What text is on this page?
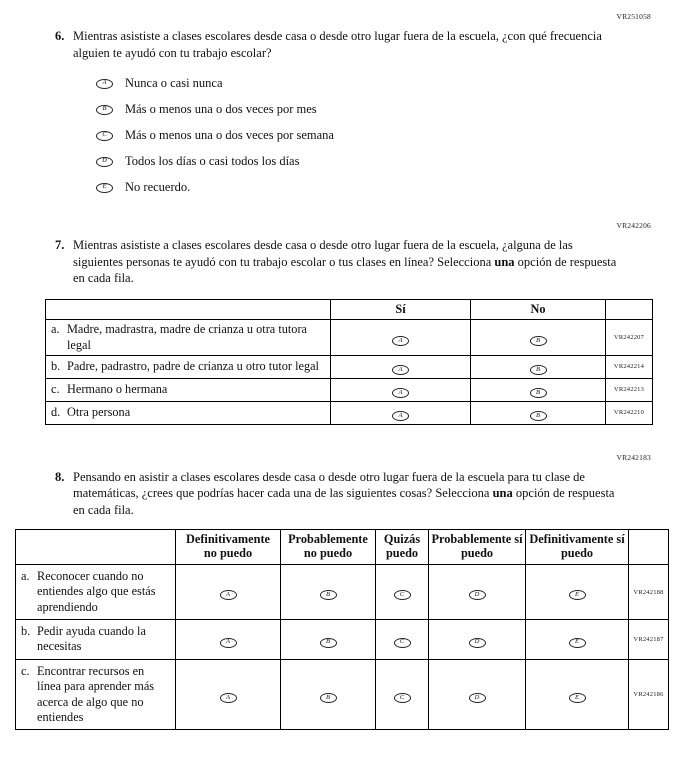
VR251058
6. Mientras asististe a clases escolares desde casa o desde otro lugar fuera de la escuela, ¿con qué frecuencia alguien te ayudó con tu trabajo escolar?
A	Nunca o casi nunca
B	Más o menos una o dos veces por mes
C	Más o menos una o dos veces por semana
D	Todos los días o casi todos los días
E	No recuerdo.
VR242206
7. Mientras asististe a clases escolares desde casa o desde otro lugar fuera de la escuela, ¿alguna de las siguientes personas te ayudó con tu trabajo escolar o tus clases en línea? Selecciona una opción de respuesta en cada fila.
	Sí	No	

a. Madre, madrastra, madre de crianza u otra tutora legal	A	B	VR242207

b. Padre, padrastro, padre de crianza u otro tutor legal	A	B	VR242214

c. Hermano o hermana	A	B	VR242213

d. Otra persona	A	B	VR242210
VR242183
8. Pensando en asistir a clases escolares desde casa o desde otro lugar fuera de la escuela para tu clase de matemáticas, ¿crees que podrías hacer cada una de las siguientes cosas? Selecciona una opción de respuesta en cada fila.
	Definitivamente no puedo	Probablemente no puedo	Quizás puedo	Probablemente sí puedo	Definitivamente sí puedo	

a. Reconocer cuando no entiendes algo que estás aprendiendo	A	B	C	D	E	VR242188

b. Pedir ayuda cuando la necesitas	A	B	C	D	E	VR242187

c. Encontrar recursos en línea para aprender más acerca de algo que no entiendes	A	B	C	D	E	VR242186
